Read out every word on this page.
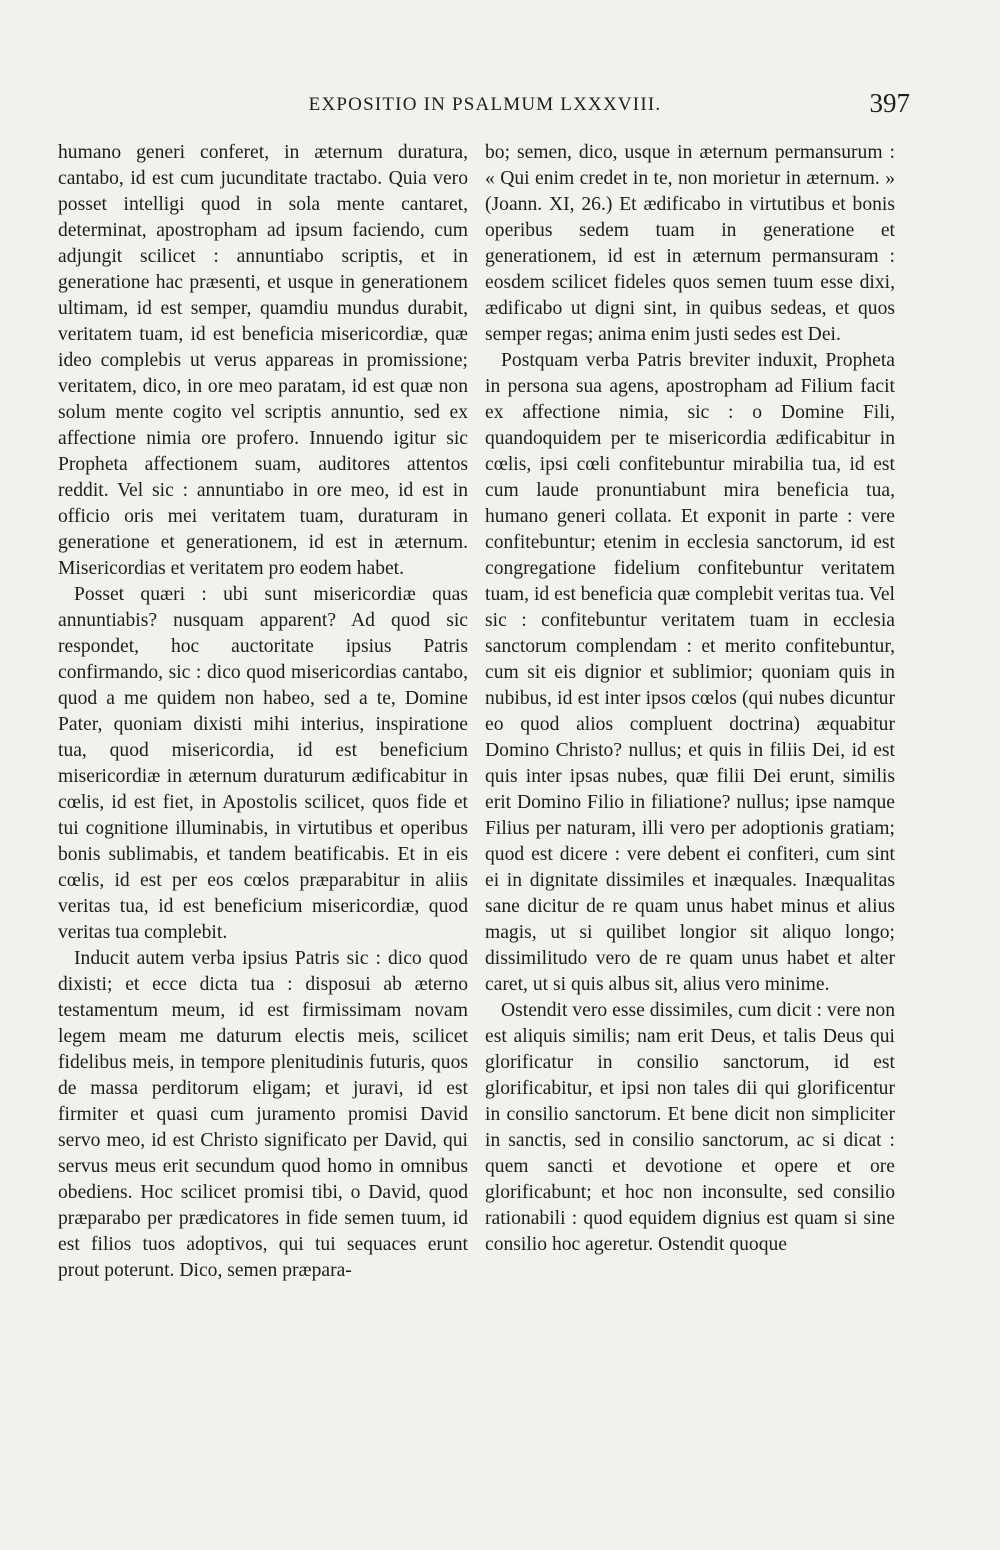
EXPOSITIO IN PSALMUM LXXXVIII.	397

humano generi conferet, in æternum duratura, cantabo, id est cum jucunditate tractabo. Quia vero posset intelligi quod in sola mente cantaret, determinat, apostropham ad ipsum faciendo, cum adjungit scilicet : annuntiabo scriptis, et in generatione hac præsenti, et usque in generationem ultimam, id est semper, quamdiu mundus durabit, veritatem tuam, id est beneficia misericordiæ, quæ ideo complebis ut verus appareas in promissione; veritatem, dico, in ore meo paratam, id est quæ non solum mente cogito vel scriptis annuntio, sed ex affectione nimia ore profero. Innuendo igitur sic Propheta affectionem suam, auditores attentos reddit. Vel sic : annuntiabo in ore meo, id est in officio oris mei veritatem tuam, duraturam in generatione et generationem, id est in æternum. Misericordias et veritatem pro eodem habet.

Posset quæri : ubi sunt misericordiæ quas annuntiabis? nusquam apparent? Ad quod sic respondet, hoc auctoritate ipsius Patris confirmando, sic : dico quod misericordias cantabo, quod a me quidem non habeo, sed a te, Domine Pater, quoniam dixisti mihi interius, inspiratione tua, quod misericordia, id est beneficium misericordiæ in æternum duraturum ædificabitur in cœlis, id est fiet, in Apostolis scilicet, quos fide et tui cognitione illuminabis, in virtutibus et operibus bonis sublimabis, et tandem beatificabis. Et in eis cœlis, id est per eos cœlos præparabitur in aliis veritas tua, id est beneficium misericordiæ, quod veritas tua complebit.

Inducit autem verba ipsius Patris sic : dico quod dixisti; et ecce dicta tua : disposui ab æterno testamentum meum, id est firmissimam novam legem meam me daturum electis meis, scilicet fidelibus meis, in tempore plenitudinis futuris, quos de massa perditorum eligam; et juravi, id est firmiter et quasi cum juramento promisi David servo meo, id est Christo significato per David, qui servus meus erit secundum quod homo in omnibus obediens. Hoc scilicet promisi tibi, o David, quod præparabo per prædicatores in fide semen tuum, id est filios tuos adoptivos, qui tui sequaces erunt prout poterunt. Dico, semen præpara-

bo; semen, dico, usque in æternum permansurum : « Qui enim credet in te, non morietur in æternum. » (Joann. XI, 26.) Et ædificabo in virtutibus et bonis operibus sedem tuam in generatione et generationem, id est in æternum permansuram : eosdem scilicet fideles quos semen tuum esse dixi, ædificabo ut digni sint, in quibus sedeas, et quos semper regas; anima enim justi sedes est Dei.

Postquam verba Patris breviter induxit, Propheta in persona sua agens, apostropham ad Filium facit ex affectione nimia, sic : o Domine Fili, quandoquidem per te misericordia ædificabitur in cœlis, ipsi cœli confitebuntur mirabilia tua, id est cum laude pronuntiabunt mira beneficia tua, humano generi collata. Et exponit in parte : vere confitebuntur; etenim in ecclesia sanctorum, id est congregatione fidelium confitebuntur veritatem tuam, id est beneficia quæ complebit veritas tua. Vel sic : confitebuntur veritatem tuam in ecclesia sanctorum complendam : et merito confitebuntur, cum sit eis dignior et sublimior; quoniam quis in nubibus, id est inter ipsos cœlos (qui nubes dicuntur eo quod alios compluent doctrina) æquabitur Domino Christo? nullus; et quis in filiis Dei, id est quis inter ipsas nubes, quæ filii Dei erunt, similis erit Domino Filio in filiatione? nullus; ipse namque Filius per naturam, illi vero per adoptionis gratiam; quod est dicere : vere debent ei confiteri, cum sint ei in dignitate dissimiles et inæquales. Inæqualitas sane dicitur de re quam unus habet minus et alius magis, ut si quilibet longior sit aliquo longo; dissimilitudo vero de re quam unus habet et alter caret, ut si quis albus sit, alius vero minime.

Ostendit vero esse dissimiles, cum dicit : vere non est aliquis similis; nam erit Deus, et talis Deus qui glorificatur in consilio sanctorum, id est glorificabitur, et ipsi non tales dii qui glorificentur in consilio sanctorum. Et bene dicit non simpliciter in sanctis, sed in consilio sanctorum, ac si dicat : quem sancti et devotione et opere et ore glorificabunt; et hoc non inconsulte, sed consilio rationabili : quod equidem dignius est quam si sine consilio hoc ageretur. Ostendit quoque
